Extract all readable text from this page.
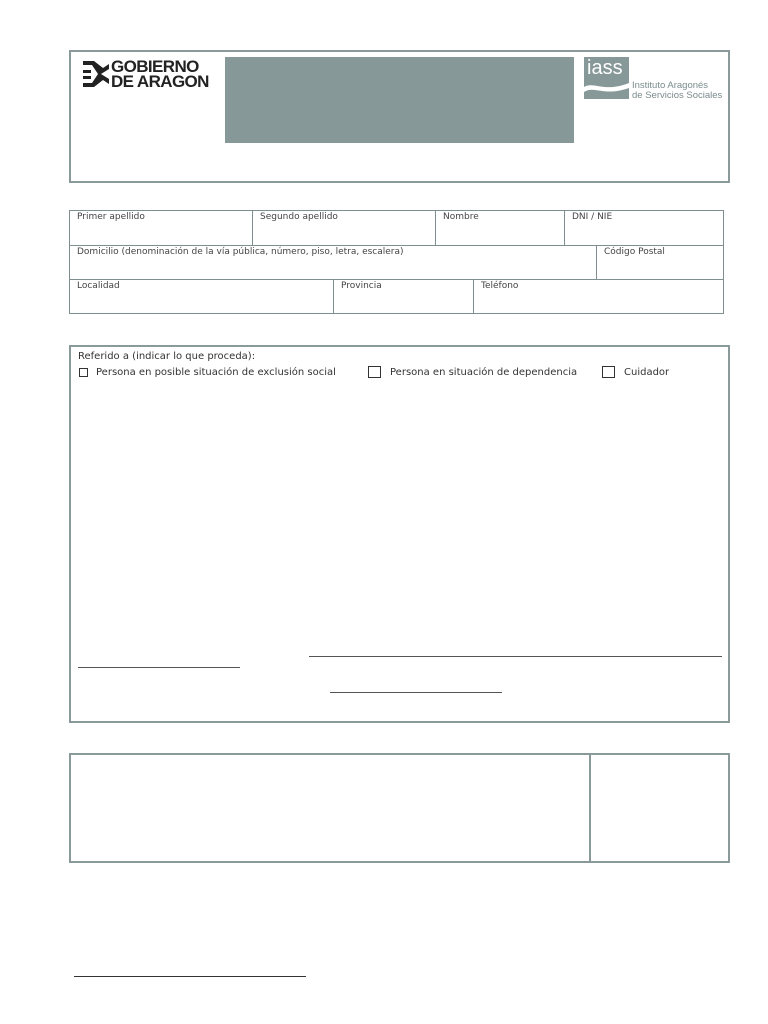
GOBIERNO
DE ARAGON
iass
Instituto Aragonés
de Servicios Sociales
Primer apellido	Segundo apellido	Nombre	DNI / NIE
Domicilio (denominación de la vía pública, número, piso, letra, escalera)	Código Postal
Localidad	Provincia	Teléfono
Referido a (indicar lo que proceda):
Persona en posible situación de exclusión social	Persona en situación de dependencia	Cuidador
